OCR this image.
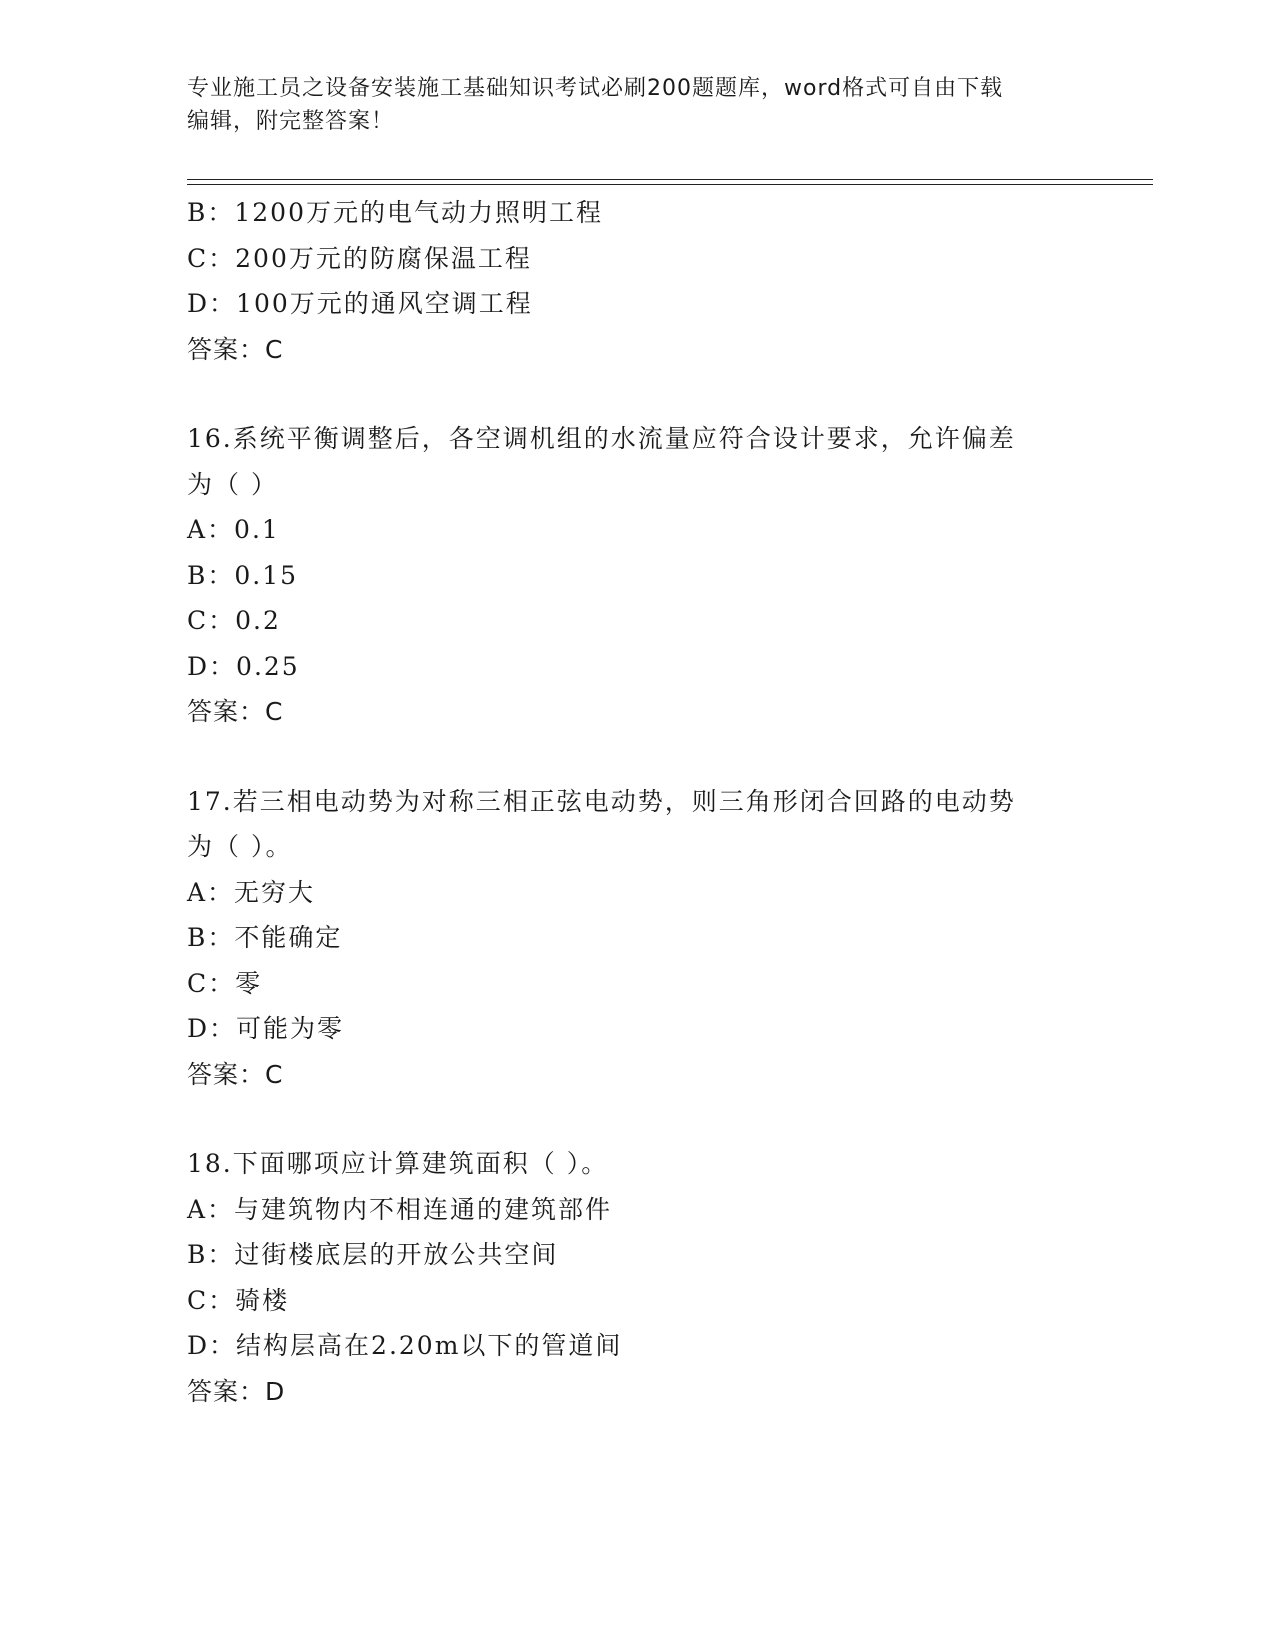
专业施工员之设备安装施工基础知识考试必刷200题题库，word格式可自由下载
编辑，附完整答案！
B：1200万元的电气动力照明工程
C：200万元的防腐保温工程
D：100万元的通风空调工程
答案：C
16.系统平衡调整后，各空调机组的水流量应符合设计要求，允许偏差
为（ ）
A：0.1
B：0.15
C：0.2
D：0.25
答案：C
17.若三相电动势为对称三相正弦电动势，则三角形闭合回路的电动势
为（ ）。
A：无穷大
B：不能确定
C：零
D：可能为零
答案：C
18.下面哪项应计算建筑面积（ ）。
A：与建筑物内不相连通的建筑部件
B：过街楼底层的开放公共空间
C：骑楼
D：结构层高在2.20m以下的管道间
答案：D
